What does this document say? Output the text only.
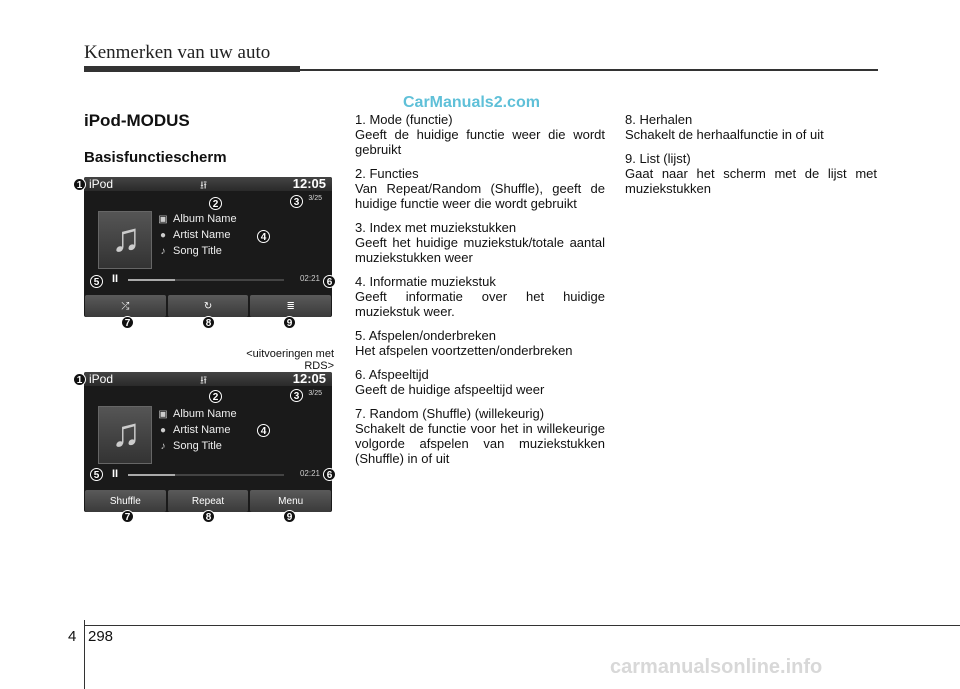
Kenmerken van uw auto
CarManuals2.com
iPod-MODUS
Basisfunctiescherm
iPod	⭿	12:05
3/25
♫ ▣ Album Name
● Artist Name
♪ Song Title
II	02:21
⤮	↻	≣
1
2	3
4
5	6
7	8	9
<uitvoeringen met RDS>
iPod	⭿	12:05
3/25
♫ ▣ Album Name
● Artist Name
♪ Song Title
II	02:21
Shuffle	Repeat	Menu
1
2	3
4
5	6
7	8	9

1. Mode (functie)

Geeft de huidige functie weer die wordt gebruikt

2. Functies

Van Repeat/Random (Shuffle), geeft de huidige functie weer die wordt gebruikt

3. Index met muziekstukken

Geeft het huidige muziekstuk/totale aantal muziekstukken weer

4. Informatie muziekstuk

Geeft informatie over het huidige muziekstuk weer.

5. Afspelen/onderbreken

Het afspelen voortzetten/onderbreken

6. Afspeeltijd

Geeft de huidige afspeeltijd weer

7. Random (Shuffle) (willekeurig)

Schakelt de functie voor het in willekeurige volgorde afspelen van muziekstukken (Shuffle) in of uit

8. Herhalen

Schakelt de herhaalfunctie in of uit

9. List (lijst)

Gaat naar het scherm met de lijst met muziekstukken

4 298
carmanualsonline.info
